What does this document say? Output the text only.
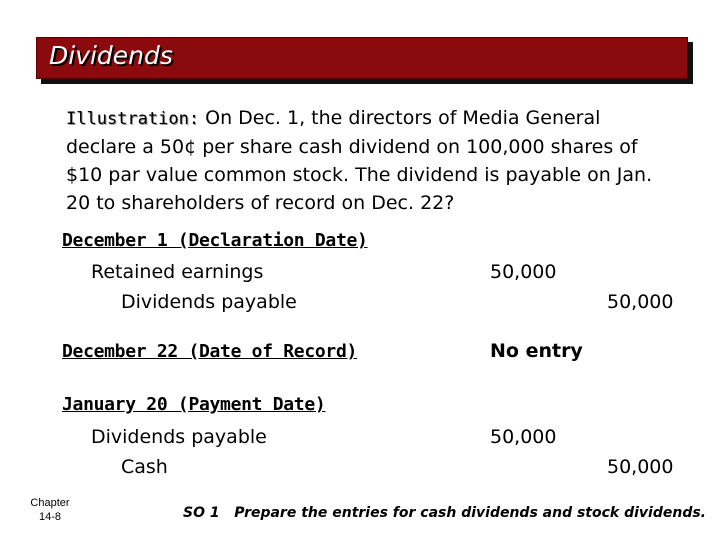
Dividends
Illustration: On Dec. 1, the directors of Media General
declare a 50¢ per share cash dividend on 100,000 shares of
$10 par value common stock. The dividend is payable on Jan.
20 to shareholders of record on Dec. 22?
December 1 (Declaration Date)
Retained earnings	50,000
Dividends payable	50,000
December 22 (Date of Record)	No entry
January 20 (Payment Date)
Dividends payable	50,000
Cash	50,000
Chapter
14-8	SO 1 Prepare the entries for cash dividends and stock dividends.
